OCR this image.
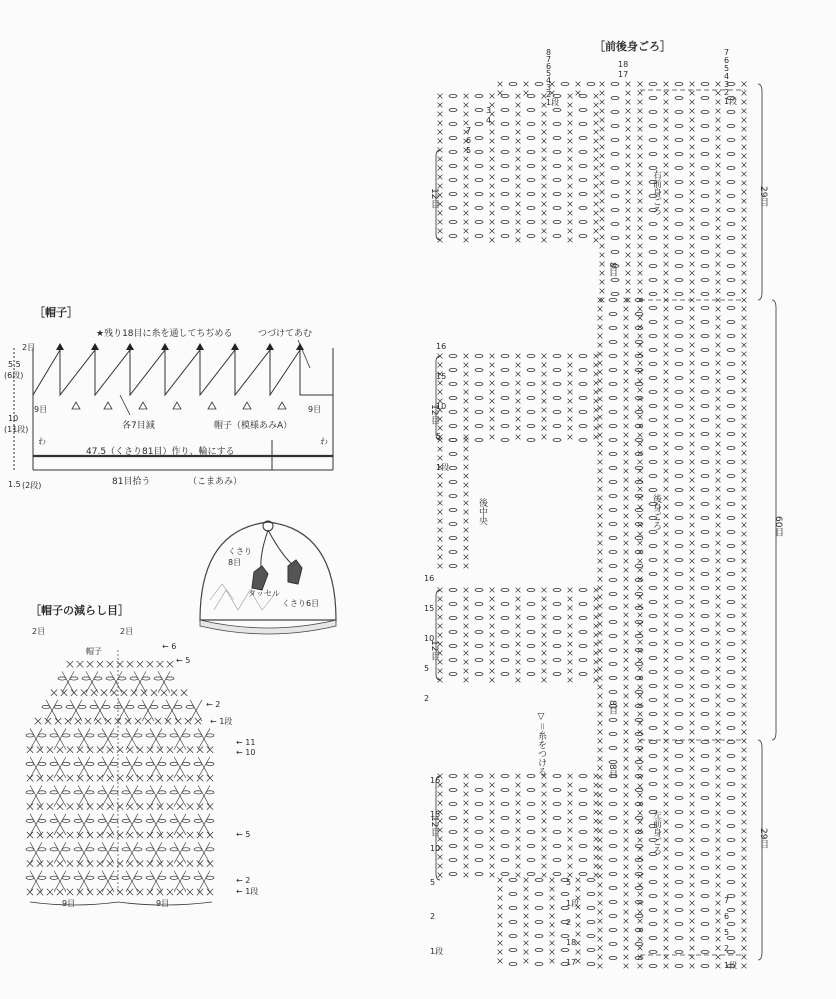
［帽子］
［帽子の減らし目］
［前後身ごろ］
★残り18目に糸を通してちぢめる	つづけてあむ
2目
5.5
(6段)
10
(11段)
1.5 (2段)
9目	9目
各7目減	帽子（模様あみA）
わ	わ
47.5（くさり81目）作り、輪にする
81目拾う	（こまあみ）
くさり
8目
タッセル
くさり6目
2目	2目
帽子
← 6
← 5
← 2
← 1段
← 11
← 10
← 5
← 2
← 1段
9目	9目
右前身ごろ
後中央	後身ごろ
左前身ごろ
▽＝糸をつける
29目
60目
29目
12目
12目
12目
12目
8目
8目
8目
18
17
7
6
5
4
3
7
6
5
4
3
2
1段
8
7
6
5
4
3
2
1段
16
15
10
5
1段
16
15
10
5
2
16
15
10
5
2
1段
5
1段
2
18
17
7
6
5
2
1段
